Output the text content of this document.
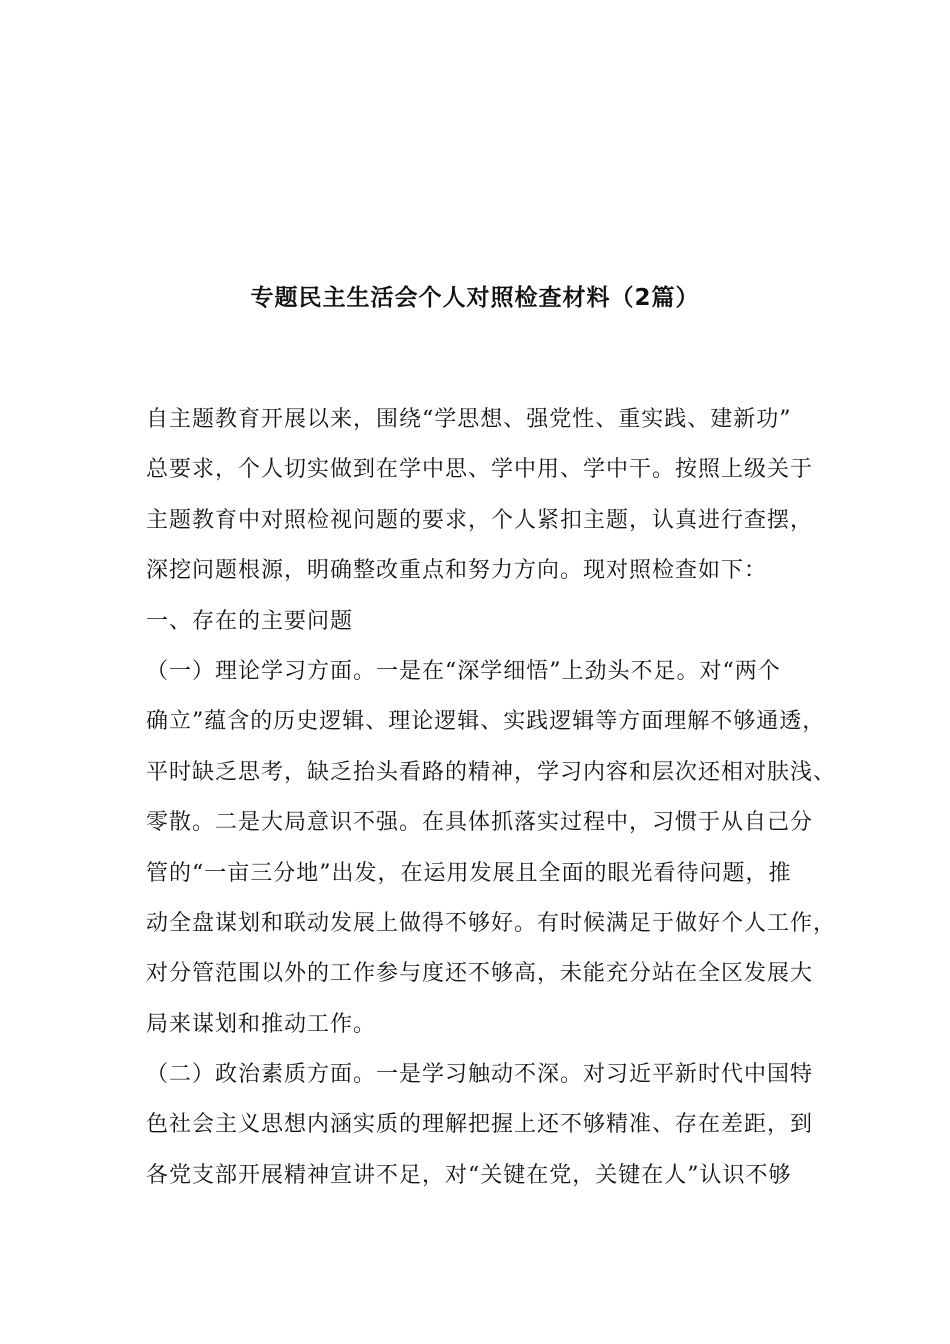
专题民主生活会个人对照检查材料（2篇）
自主题教育开展以来，围绕“学思想、强党性、重实践、建新功”
总要求，个人切实做到在学中思、学中用、学中干。按照上级关于
主题教育中对照检视问题的要求，个人紧扣主题，认真进行查摆，
深挖问题根源，明确整改重点和努力方向。现对照检查如下：
一、存在的主要问题
（一）理论学习方面。一是在“深学细悟”上劲头不足。对“两个
确立”蕴含的历史逻辑、理论逻辑、实践逻辑等方面理解不够通透，
平时缺乏思考，缺乏抬头看路的精神，学习内容和层次还相对肤浅、
零散。二是大局意识不强。在具体抓落实过程中，习惯于从自己分
管的“一亩三分地”出发，在运用发展且全面的眼光看待问题，推
动全盘谋划和联动发展上做得不够好。有时候满足于做好个人工作，
对分管范围以外的工作参与度还不够高，未能充分站在全区发展大
局来谋划和推动工作。
（二）政治素质方面。一是学习触动不深。对习近平新时代中国特
色社会主义思想内涵实质的理解把握上还不够精准、存在差距，到
各党支部开展精神宣讲不足，对“关键在党，关键在人”认识不够
